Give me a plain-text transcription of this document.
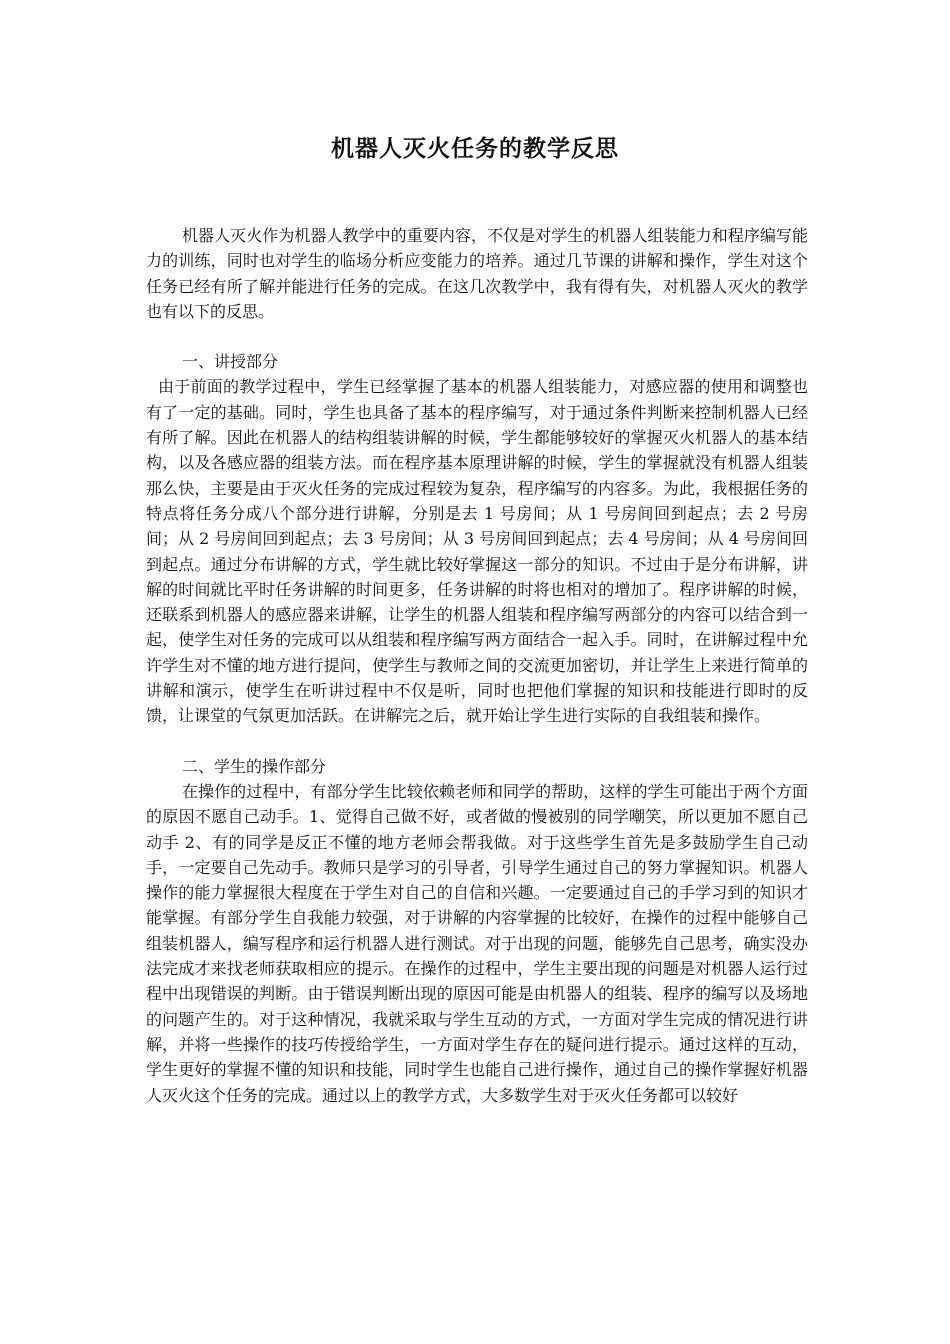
机器人灭火任务的教学反思

机器人灭火作为机器人教学中的重要内容，不仅是对学生的机器人组装能力和程序编写能力的训练，同时也对学生的临场分析应变能力的培养。通过几节课的讲解和操作，学生对这个任务已经有所了解并能进行任务的完成。在这几次教学中，我有得有失，对机器人灭火的教学也有以下的反思。

一、讲授部分

由于前面的教学过程中，学生已经掌握了基本的机器人组装能力，对感应器的使用和调整也有了一定的基础。同时，学生也具备了基本的程序编写，对于通过条件判断来控制机器人已经有所了解。因此在机器人的结构组装讲解的时候，学生都能够较好的掌握灭火机器人的基本结构，以及各感应器的组装方法。而在程序基本原理讲解的时候，学生的掌握就没有机器人组装那么快，主要是由于灭火任务的完成过程较为复杂，程序编写的内容多。为此，我根据任务的特点将任务分成八个部分进行讲解，分别是去 1 号房间；从 1 号房间回到起点；去 2 号房间；从 2 号房间回到起点；去 3 号房间；从 3 号房间回到起点；去 4 号房间；从 4 号房间回到起点。通过分布讲解的方式，学生就比较好掌握这一部分的知识。不过由于是分布讲解，讲解的时间就比平时任务讲解的时间更多，任务讲解的时将也相对的增加了。程序讲解的时候，还联系到机器人的感应器来讲解，让学生的机器人组装和程序编写两部分的内容可以结合到一起，使学生对任务的完成可以从组装和程序编写两方面结合一起入手。同时，在讲解过程中允许学生对不懂的地方进行提问，使学生与教师之间的交流更加密切，并让学生上来进行简单的讲解和演示，使学生在听讲过程中不仅是听，同时也把他们掌握的知识和技能进行即时的反馈，让课堂的气氛更加活跃。在讲解完之后，就开始让学生进行实际的自我组装和操作。

二、学生的操作部分

在操作的过程中，有部分学生比较依赖老师和同学的帮助，这样的学生可能出于两个方面的原因不愿自己动手。1、觉得自己做不好，或者做的慢被别的同学嘲笑，所以更加不愿自己动手 2、有的同学是反正不懂的地方老师会帮我做。对于这些学生首先是多鼓励学生自己动手，一定要自己先动手。教师只是学习的引导者，引导学生通过自己的努力掌握知识。机器人操作的能力掌握很大程度在于学生对自己的自信和兴趣。一定要通过自己的手学习到的知识才能掌握。有部分学生自我能力较强，对于讲解的内容掌握的比较好，在操作的过程中能够自己组装机器人，编写程序和运行机器人进行测试。对于出现的问题，能够先自己思考，确实没办法完成才来找老师获取相应的提示。在操作的过程中，学生主要出现的问题是对机器人运行过程中出现错误的判断。由于错误判断出现的原因可能是由机器人的组装、程序的编写以及场地的问题产生的。对于这种情况，我就采取与学生互动的方式，一方面对学生完成的情况进行讲解，并将一些操作的技巧传授给学生，一方面对学生存在的疑问进行提示。通过这样的互动，学生更好的掌握不懂的知识和技能，同时学生也能自己进行操作，通过自己的操作掌握好机器人灭火这个任务的完成。通过以上的教学方式，大多数学生对于灭火任务都可以较好
